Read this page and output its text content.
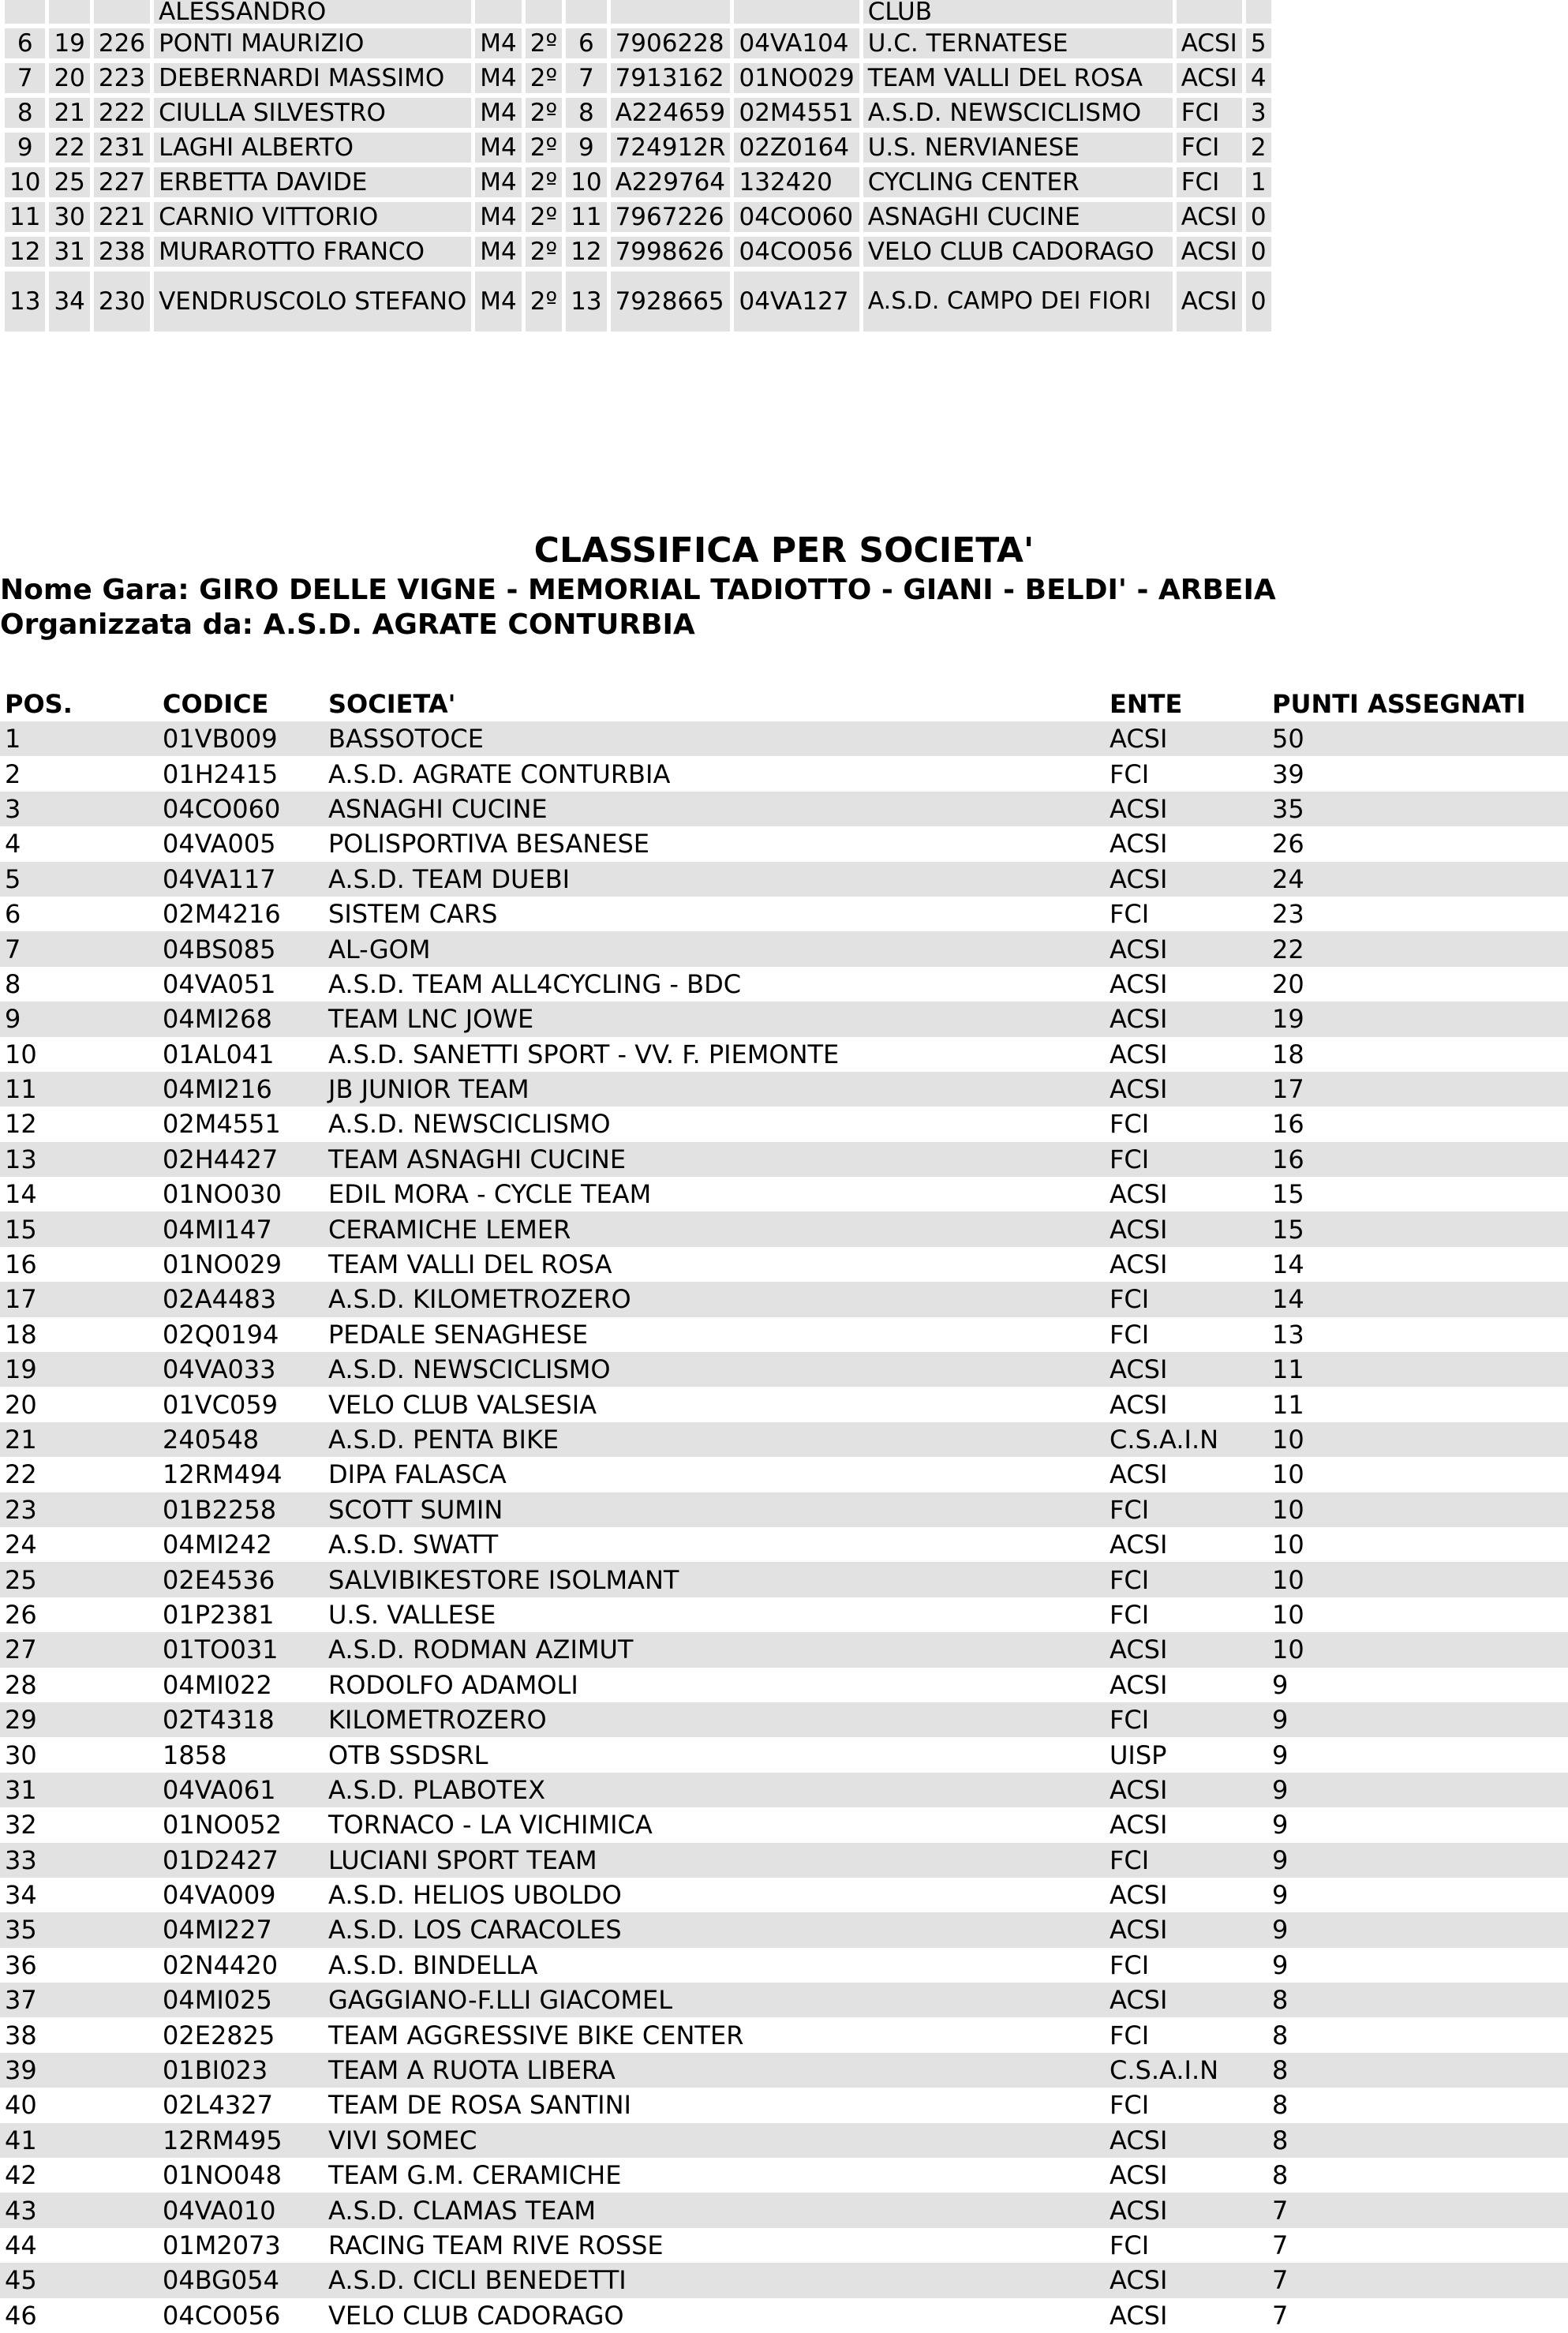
			ALESSANDRO						CLUB		
6	19	226	PONTI MAURIZIO	M4	2º	6	7906228	04VA104	U.C. TERNATESE	ACSI	5
7	20	223	DEBERNARDI MASSIMO	M4	2º	7	7913162	01NO029	TEAM VALLI DEL ROSA	ACSI	4
8	21	222	CIULLA SILVESTRO	M4	2º	8	A224659	02M4551	A.S.D. NEWSCICLISMO	FCI	3
9	22	231	LAGHI ALBERTO	M4	2º	9	724912R	02Z0164	U.S. NERVIANESE	FCI	2
10	25	227	ERBETTA DAVIDE	M4	2º	10	A229764	132420	CYCLING CENTER	FCI	1
11	30	221	CARNIO VITTORIO	M4	2º	11	7967226	04CO060	ASNAGHI CUCINE	ACSI	0
12	31	238	MURAROTTO FRANCO	M4	2º	12	7998626	04CO056	VELO CLUB CADORAGO	ACSI	0
13	34	230	VENDRUSCOLO STEFANO	M4	2º	13	7928665	04VA127	A.S.D. CAMPO DEI FIORI	ACSI	0
CLASSIFICA PER SOCIETA'

Nome Gara: GIRO DELLE VIGNE - MEMORIAL TADIOTTO - GIANI - BELDI' - ARBEIA

Organizzata da: A.S.D. AGRATE CONTURBIA

POS.	CODICE	SOCIETA'	ENTE	PUNTI ASSEGNATI
1	01VB009	BASSOTOCE	ACSI	50
2	01H2415	A.S.D. AGRATE CONTURBIA	FCI	39
3	04CO060	ASNAGHI CUCINE	ACSI	35
4	04VA005	POLISPORTIVA BESANESE	ACSI	26
5	04VA117	A.S.D. TEAM DUEBI	ACSI	24
6	02M4216	SISTEM CARS	FCI	23
7	04BS085	AL-GOM	ACSI	22
8	04VA051	A.S.D. TEAM ALL4CYCLING - BDC	ACSI	20
9	04MI268	TEAM LNC JOWE	ACSI	19
10	01AL041	A.S.D. SANETTI SPORT - VV. F. PIEMONTE	ACSI	18
11	04MI216	JB JUNIOR TEAM	ACSI	17
12	02M4551	A.S.D. NEWSCICLISMO	FCI	16
13	02H4427	TEAM ASNAGHI CUCINE	FCI	16
14	01NO030	EDIL MORA - CYCLE TEAM	ACSI	15
15	04MI147	CERAMICHE LEMER	ACSI	15
16	01NO029	TEAM VALLI DEL ROSA	ACSI	14
17	02A4483	A.S.D. KILOMETROZERO	FCI	14
18	02Q0194	PEDALE SENAGHESE	FCI	13
19	04VA033	A.S.D. NEWSCICLISMO	ACSI	11
20	01VC059	VELO CLUB VALSESIA	ACSI	11
21	240548	A.S.D. PENTA BIKE	C.S.A.I.N	10
22	12RM494	DIPA FALASCA	ACSI	10
23	01B2258	SCOTT SUMIN	FCI	10
24	04MI242	A.S.D. SWATT	ACSI	10
25	02E4536	SALVIBIKESTORE ISOLMANT	FCI	10
26	01P2381	U.S. VALLESE	FCI	10
27	01TO031	A.S.D. RODMAN AZIMUT	ACSI	10
28	04MI022	RODOLFO ADAMOLI	ACSI	9
29	02T4318	KILOMETROZERO	FCI	9
30	1858	OTB SSDSRL	UISP	9
31	04VA061	A.S.D. PLABOTEX	ACSI	9
32	01NO052	TORNACO - LA VICHIMICA	ACSI	9
33	01D2427	LUCIANI SPORT TEAM	FCI	9
34	04VA009	A.S.D. HELIOS UBOLDO	ACSI	9
35	04MI227	A.S.D. LOS CARACOLES	ACSI	9
36	02N4420	A.S.D. BINDELLA	FCI	9
37	04MI025	GAGGIANO-F.LLI GIACOMEL	ACSI	8
38	02E2825	TEAM AGGRESSIVE BIKE CENTER	FCI	8
39	01BI023	TEAM A RUOTA LIBERA	C.S.A.I.N	8
40	02L4327	TEAM DE ROSA SANTINI	FCI	8
41	12RM495	VIVI SOMEC	ACSI	8
42	01NO048	TEAM G.M. CERAMICHE	ACSI	8
43	04VA010	A.S.D. CLAMAS TEAM	ACSI	7
44	01M2073	RACING TEAM RIVE ROSSE	FCI	7
45	04BG054	A.S.D. CICLI BENEDETTI	ACSI	7
46	04CO056	VELO CLUB CADORAGO	ACSI	7
